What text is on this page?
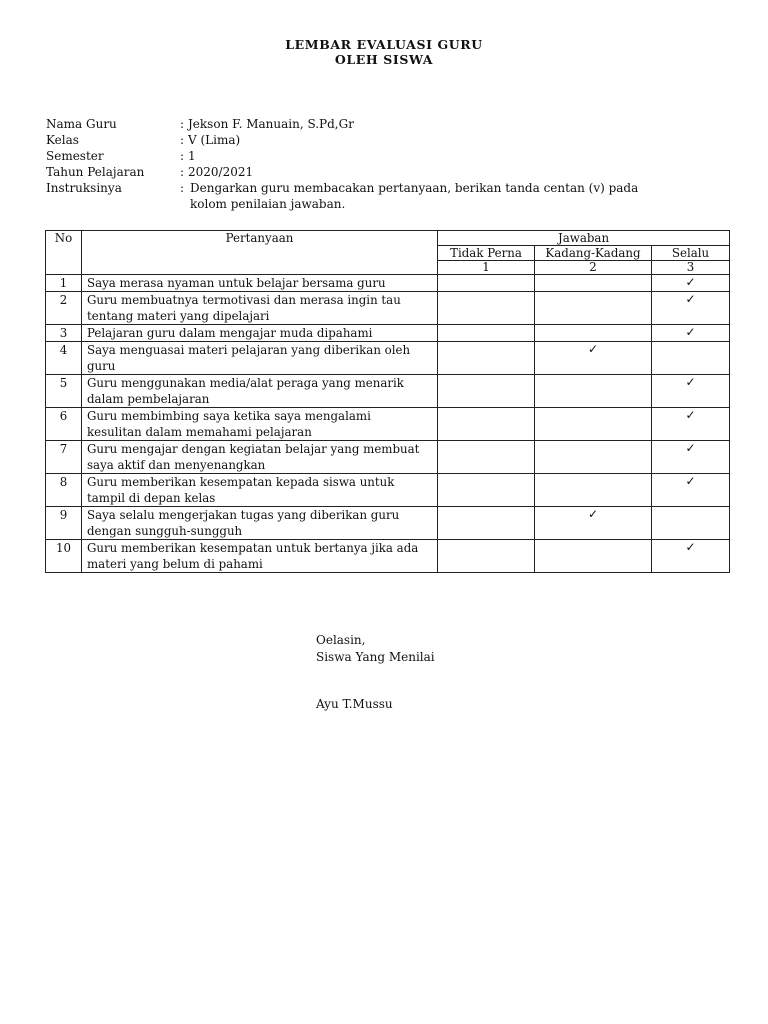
LEMBAR EVALUASI GURU
OLEH SISWA
Nama Guru	: Jekson F. Manuain, S.Pd,Gr
Kelas	: V (Lima)
Semester	: 1
Tahun Pelajaran	: 2020/2021
Instruksinya	: Dengarkan guru membacakan pertanyaan, berikan tanda centan (v) pada
kolom penilaian jawaban.
No	Pertanyaan	Jawaban		
		Tidak Perna	Kadang-Kadang	Selalu
		1	2	3
1	Saya merasa nyaman untuk belajar bersama guru			✓
2	Guru membuatnya termotivasi dan merasa ingin tau
tentang materi yang dipelajari			✓
3	Pelajaran guru dalam mengajar muda dipahami			✓
4	Saya menguasai materi pelajaran yang diberikan oleh
guru		✓	
5	Guru menggunakan media/alat peraga yang menarik
dalam pembelajaran			✓
6	Guru membimbing saya ketika saya mengalami
kesulitan dalam memahami pelajaran			✓
7	Guru mengajar dengan kegiatan belajar yang membuat
saya aktif dan menyenangkan			✓
8	Guru memberikan kesempatan kepada siswa untuk
tampil di depan kelas			✓
9	Saya selalu mengerjakan tugas yang diberikan guru
dengan sungguh-sungguh		✓	
10	Guru memberikan kesempatan untuk bertanya jika ada
materi yang belum di pahami			✓
Oelasin,
Siswa Yang Menilai
Ayu T.Mussu
